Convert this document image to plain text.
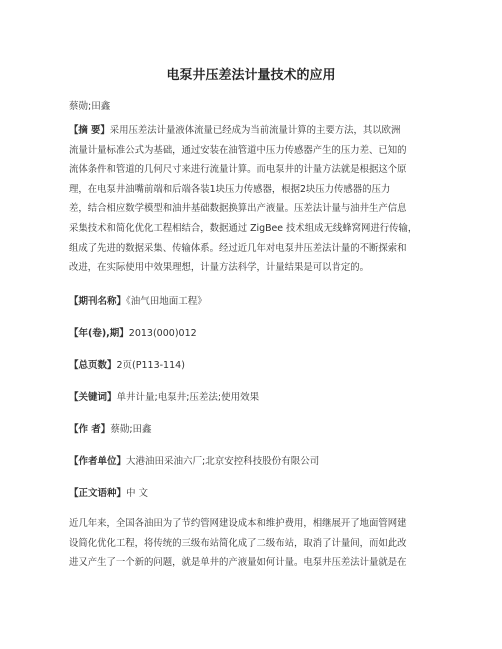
电泵井压差法计量技术的应用
蔡勋;田鑫
【摘 要】采用压差法计量液体流量已经成为当前流量计算的主要方法，其以欧洲
流量计量标准公式为基础，通过安装在油管道中压力传感器产生的压力差、已知的
流体条件和管道的几何尺寸来进行流量计算。而电泵井的计量方法就是根据这个原
理，在电泵井油嘴前端和后端各装1块压力传感器，根据2块压力传感器的压力
差，结合相应数学模型和油井基础数据换算出产液量。压差法计量与油井生产信息
采集技术和简化优化工程相结合，数据通过 ZigBee 技术组成无线蜂窝网进行传输，
组成了先进的数据采集、传输体系。经过近几年对电泵井压差法计量的不断探索和
改进，在实际使用中效果理想，计量方法科学，计量结果是可以肯定的。
【期刊名称】《油气田地面工程》
【年(卷),期】2013(000)012
【总页数】2页(P113-114)
【关键词】单井计量;电泵井;压差法;使用效果
【作 者】蔡勋;田鑫
【作者单位】大港油田采油六厂;北京安控科技股份有限公司
【正文语种】中 文
近几年来，全国各油田为了节约管网建设成本和维护费用，相继展开了地面管网建
设简化优化工程，将传统的三级布站简化成了二级布站，取消了计量间，而如此改
进又产生了一个新的问题，就是单井的产液量如何计量。电泵井压差法计量就是在
